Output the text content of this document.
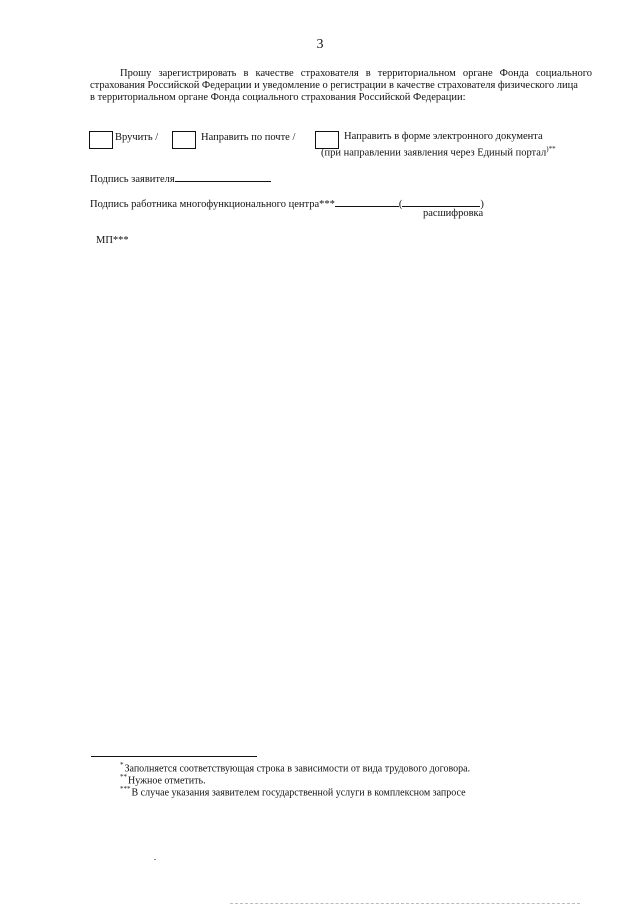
3

Прошу зарегистрировать в качестве страхователя в территориальном органе Фонда социального

страхования Российской Федерации и уведомление о регистрации в качестве страхователя физического лица

в территориальном органе Фонда социального страхования Российской Федерации:

Вручить /	Направить по почте /	Направить в форме электронного документа
(при направлении заявления через Единый портал)**
Подпись заявителя
Подпись работника многофункционального центра***	(	)
расшифровка
МП***
*Заполняется соответствующая строка в зависимости от вида трудового договора.
**Нужное отметить.
***В случае указания заявителем государственной услуги в комплексном запросе
